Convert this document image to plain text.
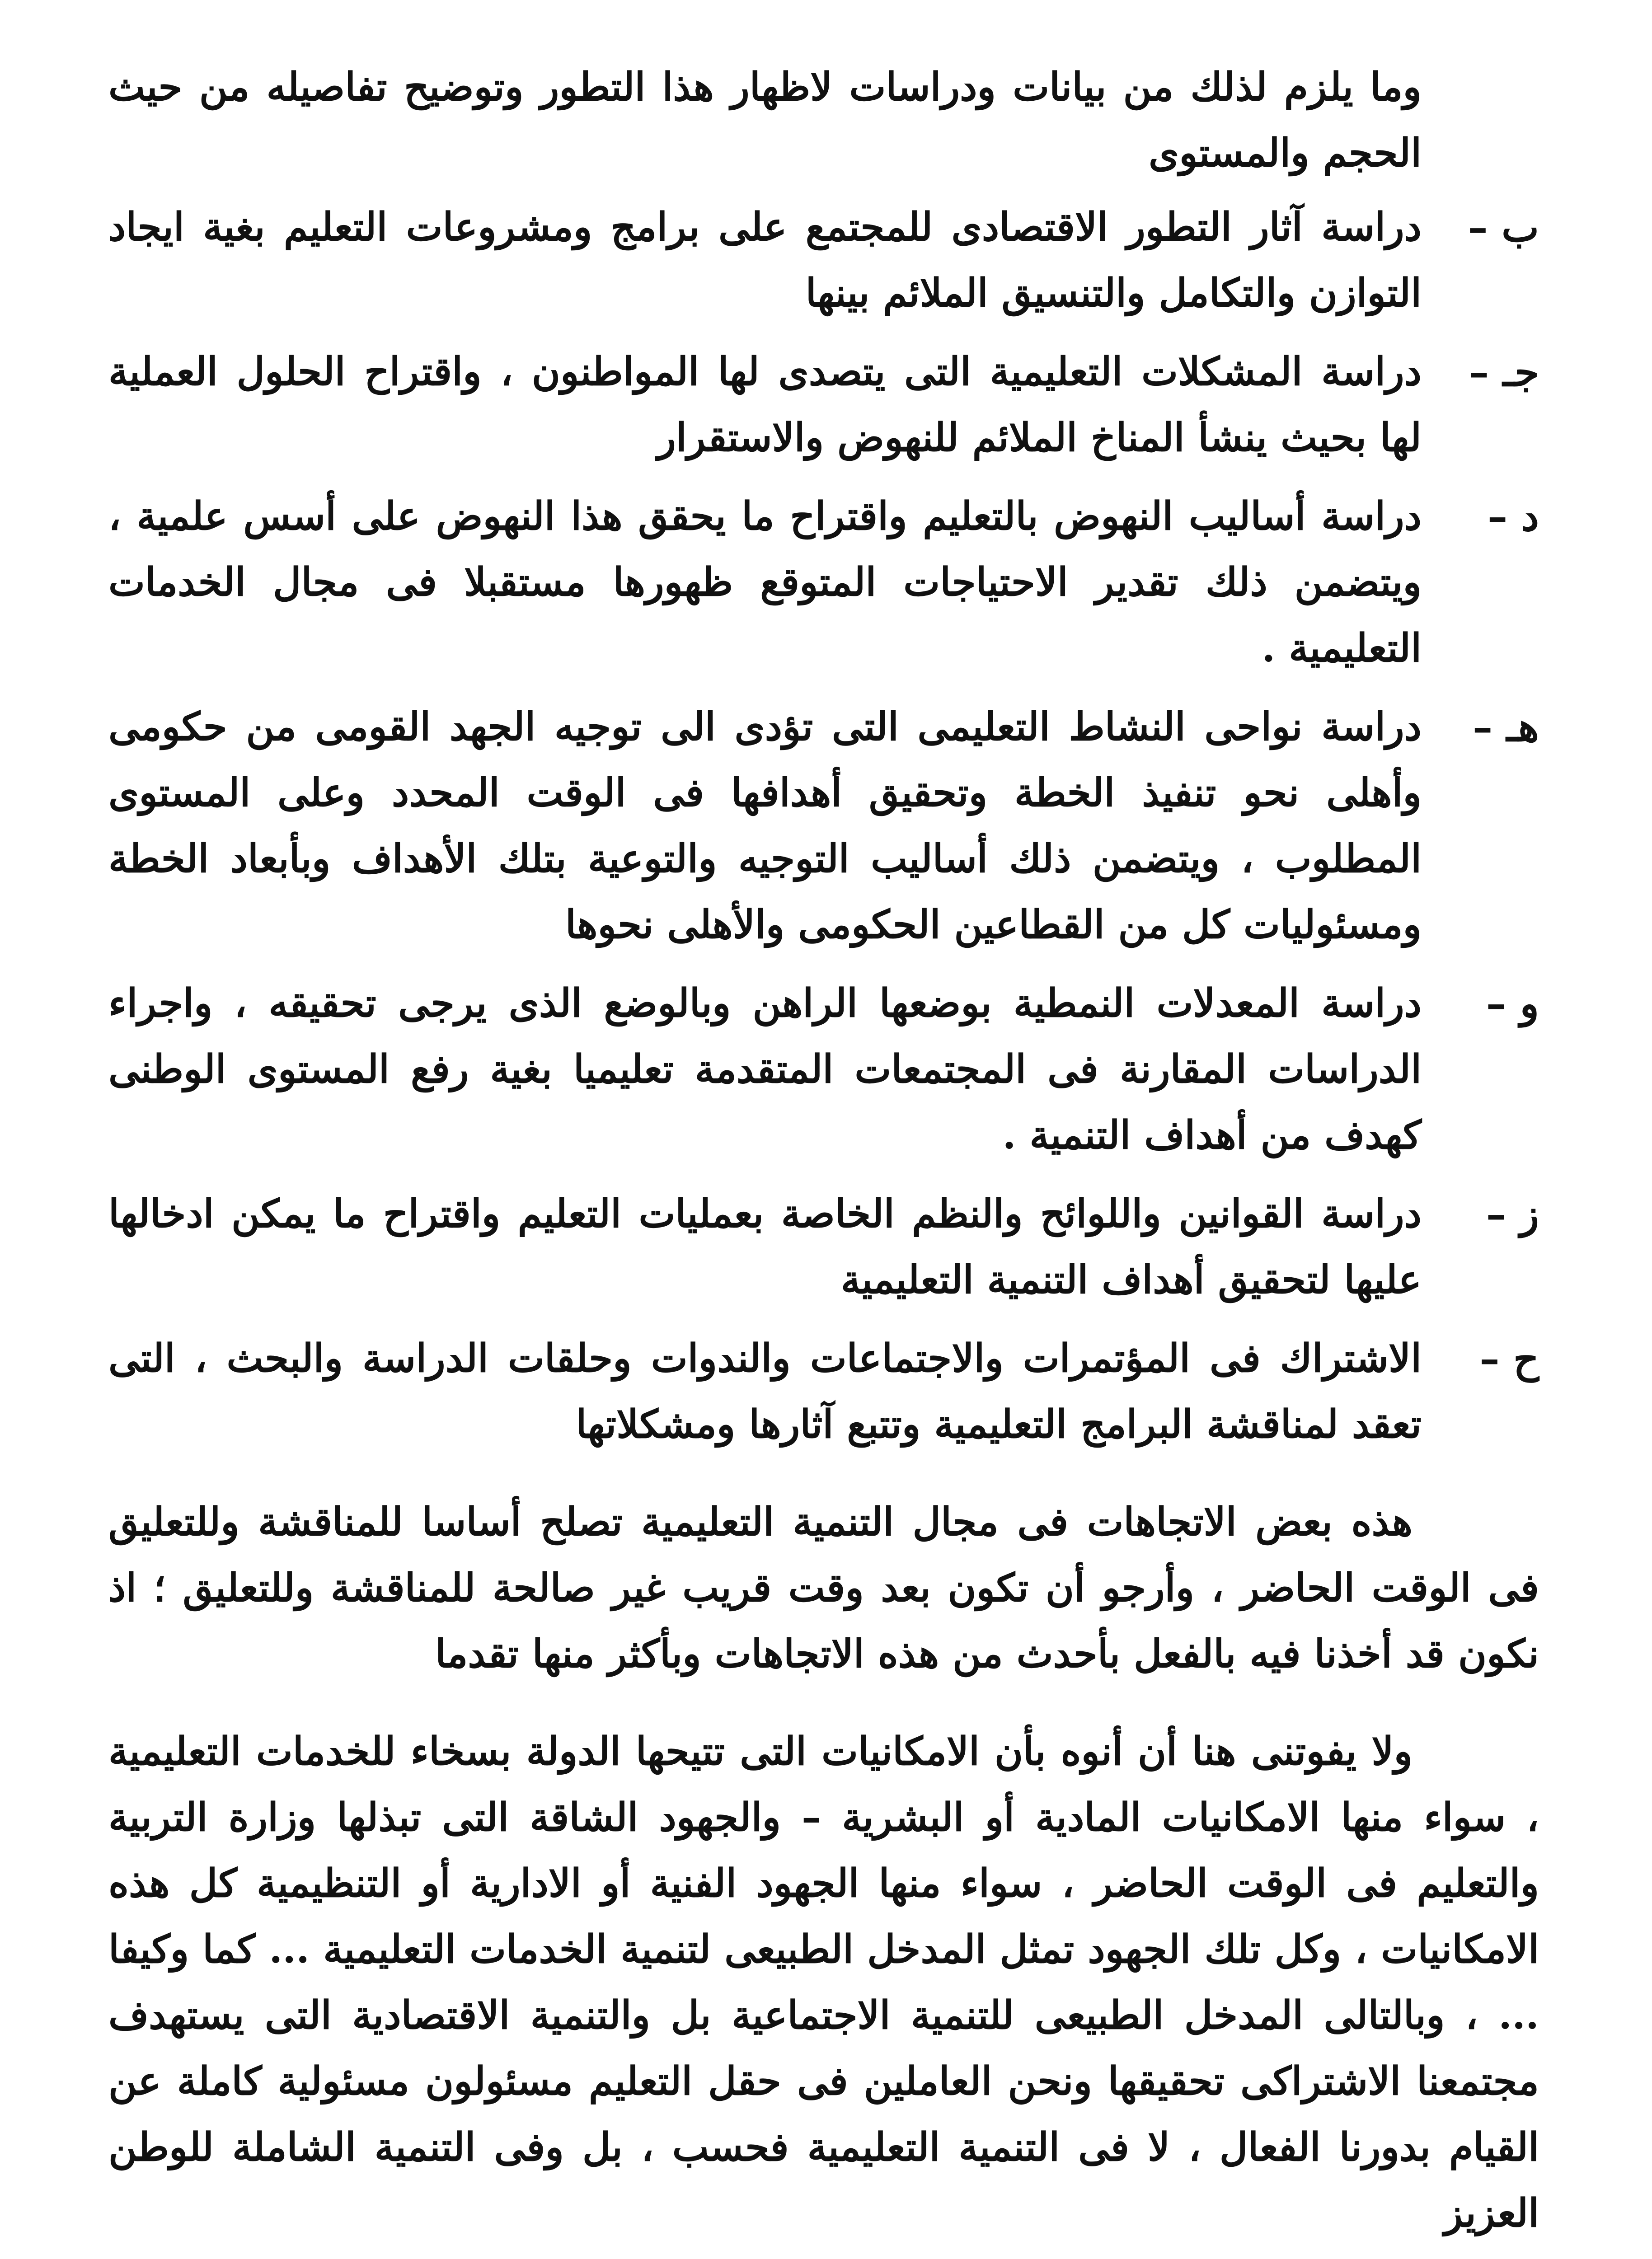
وما يلزم لذلك من بيانات ودراسات لاظهار هذا التطور وتوضيح تفاصيله من حيث الحجم والمستوى
ب –
دراسة آثار التطور الاقتصادى للمجتمع على برامج ومشروعات التعليم بغية ايجاد التوازن والتكامل والتنسيق الملائم بينها
جـ –
دراسة المشكلات التعليمية التى يتصدى لها المواطنون ، واقتراح الحلول العملية لها بحيث ينشأ المناخ الملائم للنهوض والاستقرار
د –
دراسة أساليب النهوض بالتعليم واقتراح ما يحقق هذا النهوض على أسس علمية ، ويتضمن ذلك تقدير الاحتياجات المتوقع ظهورها مستقبلا فى مجال الخدمات التعليمية .
هـ –
دراسة نواحى النشاط التعليمى التى تؤدى الى توجيه الجهد القومى من حكومى وأهلى نحو تنفيذ الخطة وتحقيق أهدافها فى الوقت المحدد وعلى المستوى المطلوب ، ويتضمن ذلك أساليب التوجيه والتوعية بتلك الأهداف وبأبعاد الخطة ومسئوليات كل من القطاعين الحكومى والأهلى نحوها
و –
دراسة المعدلات النمطية بوضعها الراهن وبالوضع الذى يرجى تحقيقه ، واجراء الدراسات المقارنة فى المجتمعات المتقدمة تعليميا بغية رفع المستوى الوطنى كهدف من أهداف التنمية .
ز –
دراسة القوانين واللوائح والنظم الخاصة بعمليات التعليم واقتراح ما يمكن ادخالها عليها لتحقيق أهداف التنمية التعليمية
ح –
الاشتراك فى المؤتمرات والاجتماعات والندوات وحلقات الدراسة والبحث ، التى تعقد لمناقشة البرامج التعليمية وتتبع آثارها ومشكلاتها
هذه بعض الاتجاهات فى مجال التنمية التعليمية تصلح أساسا للمناقشة وللتعليق فى الوقت الحاضر ، وأرجو أن تكون بعد وقت قريب غير صالحة للمناقشة وللتعليق ؛ اذ نكون قد أخذنا فيه بالفعل بأحدث من هذه الاتجاهات وبأكثر منها تقدما
ولا يفوتنى هنا أن أنوه بأن الامكانيات التى تتيحها الدولة بسخاء للخدمات التعليمية ، سواء منها الامكانيات المادية أو البشرية – والجهود الشاقة التى تبذلها وزارة التربية والتعليم فى الوقت الحاضر ، سواء منها الجهود الفنية أو الادارية أو التنظيمية كل هذه الامكانيات ، وكل تلك الجهود تمثل المدخل الطبيعى لتنمية الخدمات التعليمية ... كما وكيفا ... ، وبالتالى المدخل الطبيعى للتنمية الاجتماعية بل والتنمية الاقتصادية التى يستهدف مجتمعنا الاشتراكى تحقيقها ونحن العاملين فى حقل التعليم مسئولون مسئولية كاملة عن القيام بدورنا الفعال ، لا فى التنمية التعليمية فحسب ، بل وفى التنمية الشاملة للوطن العزيز
